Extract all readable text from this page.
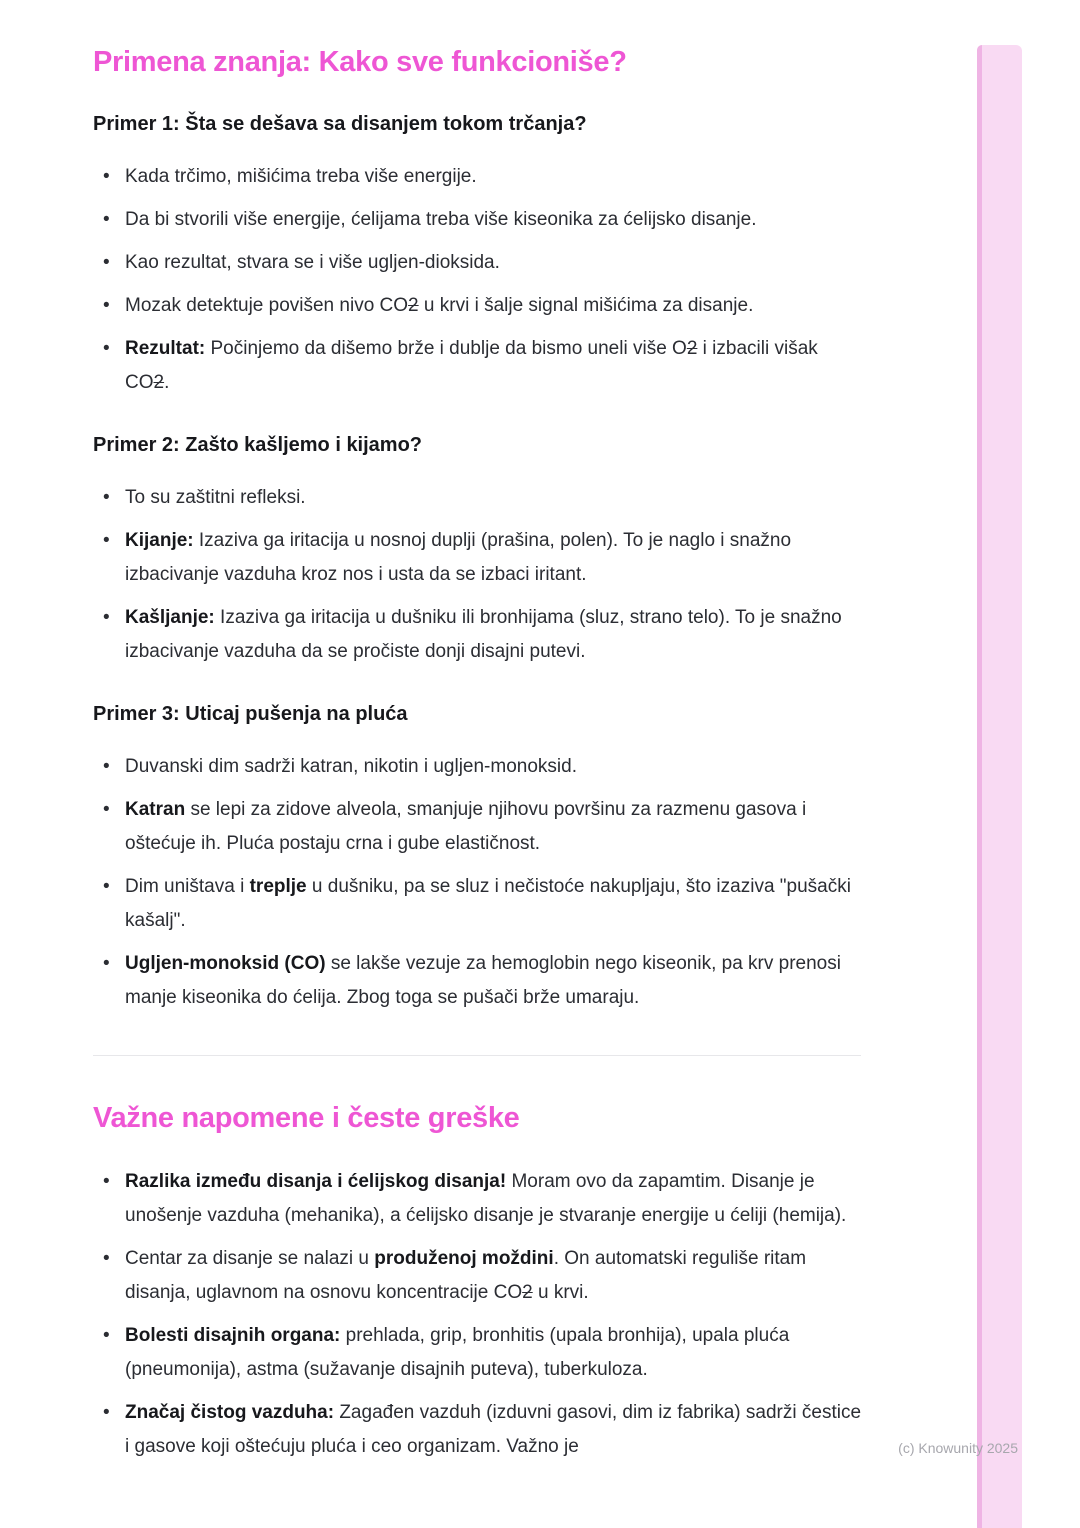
Primena znanja: Kako sve funkcioniše?
Primer 1: Šta se dešava sa disanjem tokom trčanja?
• Kada trčimo, mišićima treba više energije.
• Da bi stvorili više energije, ćelijama treba više kiseonika za ćelijsko disanje.
• Kao rezultat, stvara se i više ugljen-dioksida.
• Mozak detektuje povišen nivo CO2 u krvi i šalje signal mišićima za disanje.
• Rezultat: Počinjemo da dišemo brže i dublje da bismo uneli više O2 i izbacili višak CO2.
Primer 2: Zašto kašljemo i kijamo?
• To su zaštitni refleksi.
• Kijanje: Izaziva ga iritacija u nosnoj duplji (prašina, polen). To je naglo i snažno izbacivanje vazduha kroz nos i usta da se izbaci iritant.
• Kašljanje: Izaziva ga iritacija u dušniku ili bronhijama (sluz, strano telo). To je snažno izbacivanje vazduha da se pročiste donji disajni putevi.
Primer 3: Uticaj pušenja na pluća
• Duvanski dim sadrži katran, nikotin i ugljen-monoksid.
• Katran se lepi za zidove alveola, smanjuje njihovu površinu za razmenu gasova i oštećuje ih. Pluća postaju crna i gube elastičnost.
• Dim uništava i treplje u dušniku, pa se sluz i nečistoće nakupljaju, što izaziva "pušački kašalj".
• Ugljen-monoksid (CO) se lakše vezuje za hemoglobin nego kiseonik, pa krv prenosi manje kiseonika do ćelija. Zbog toga se pušači brže umaraju.
Važne napomene i česte greške
• Razlika između disanja i ćelijskog disanja! Moram ovo da zapamtim. Disanje je unošenje vazduha (mehanika), a ćelijsko disanje je stvaranje energije u ćeliji (hemija).
• Centar za disanje se nalazi u produženoj moždini. On automatski reguliše ritam disanja, uglavnom na osnovu koncentracije CO2 u krvi.
• Bolesti disajnih organa: prehlada, grip, bronhitis (upala bronhija), upala pluća (pneumonija), astma (sužavanje disajnih puteva), tuberkuloza.
• Značaj čistog vazduha: Zagađen vazduh (izduvni gasovi, dim iz fabrika) sadrži čestice i gasove koji oštećuju pluća i ceo organizam. Važno je	(c) Knowunity 2025
